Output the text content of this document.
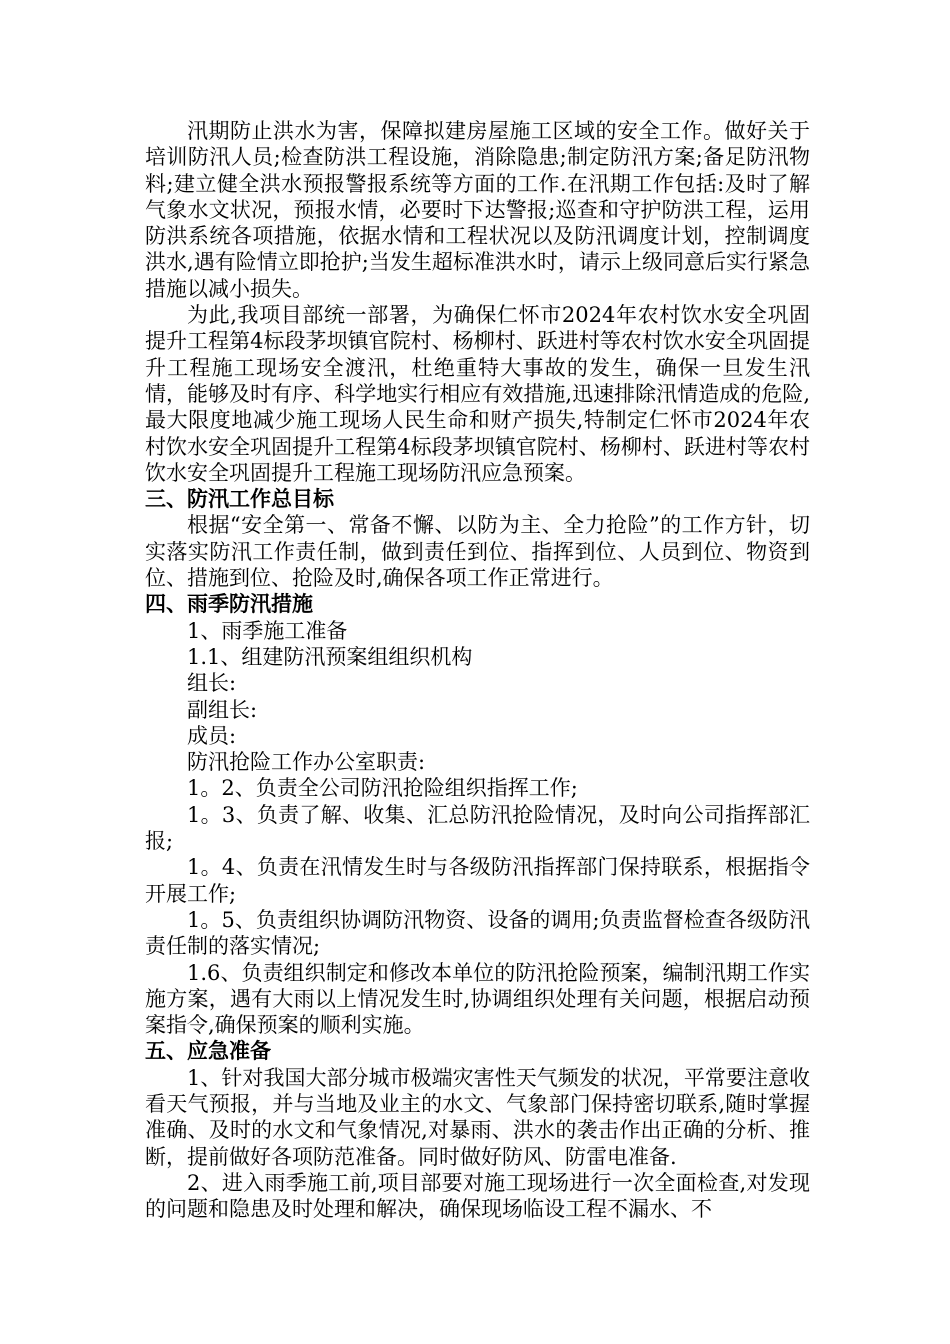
汛期防止洪水为害，保障拟建房屋施工区域的安全工作。做好关于培训防汛人员;检查防洪工程设施，消除隐患;制定防汛方案;备足防汛物料;建立健全洪水预报警报系统等方面的工作.在汛期工作包括:及时了解气象水文状况，预报水情，必要时下达警报;巡查和守护防洪工程，运用防洪系统各项措施，依据水情和工程状况以及防汛调度计划，控制调度洪水,遇有险情立即抢护;当发生超标准洪水时，请示上级同意后实行紧急措施以减小损失。

为此,我项目部统一部署，为确保仁怀市2024年农村饮水安全巩固提升工程第4标段茅坝镇官院村、杨柳村、跃进村等农村饮水安全巩固提升工程施工现场安全渡汛，杜绝重特大事故的发生，确保一旦发生汛情，能够及时有序、科学地实行相应有效措施,迅速排除汛情造成的危险,最大限度地减少施工现场人民生命和财产损失,特制定仁怀市2024年农村饮水安全巩固提升工程第4标段茅坝镇官院村、杨柳村、跃进村等农村饮水安全巩固提升工程施工现场防汛应急预案。

三、防汛工作总目标

根据“安全第一、常备不懈、以防为主、全力抢险”的工作方针，切实落实防汛工作责任制，做到责任到位、指挥到位、人员到位、物资到位、措施到位、抢险及时,确保各项工作正常进行。

四、雨季防汛措施

1、雨季施工准备

1.1、组建防汛预案组组织机构

组长:

副组长:

成员:

防汛抢险工作办公室职责:

1。2、负责全公司防汛抢险组织指挥工作;

1。3、负责了解、收集、汇总防汛抢险情况，及时向公司指挥部汇报;

1。4、负责在汛情发生时与各级防汛指挥部门保持联系，根据指令开展工作;

1。5、负责组织协调防汛物资、设备的调用;负责监督检查各级防汛责任制的落实情况;

1.6、负责组织制定和修改本单位的防汛抢险预案，编制汛期工作实施方案，遇有大雨以上情况发生时,协调组织处理有关问题，根据启动预案指令,确保预案的顺利实施。

五、应急准备

1、针对我国大部分城市极端灾害性天气频发的状况，平常要注意收看天气预报，并与当地及业主的水文、气象部门保持密切联系,随时掌握准确、及时的水文和气象情况,对暴雨、洪水的袭击作出正确的分析、推断，提前做好各项防范准备。同时做好防风、防雷电准备.

2、进入雨季施工前,项目部要对施工现场进行一次全面检查,对发现的问题和隐患及时处理和解决，确保现场临设工程不漏水、不
